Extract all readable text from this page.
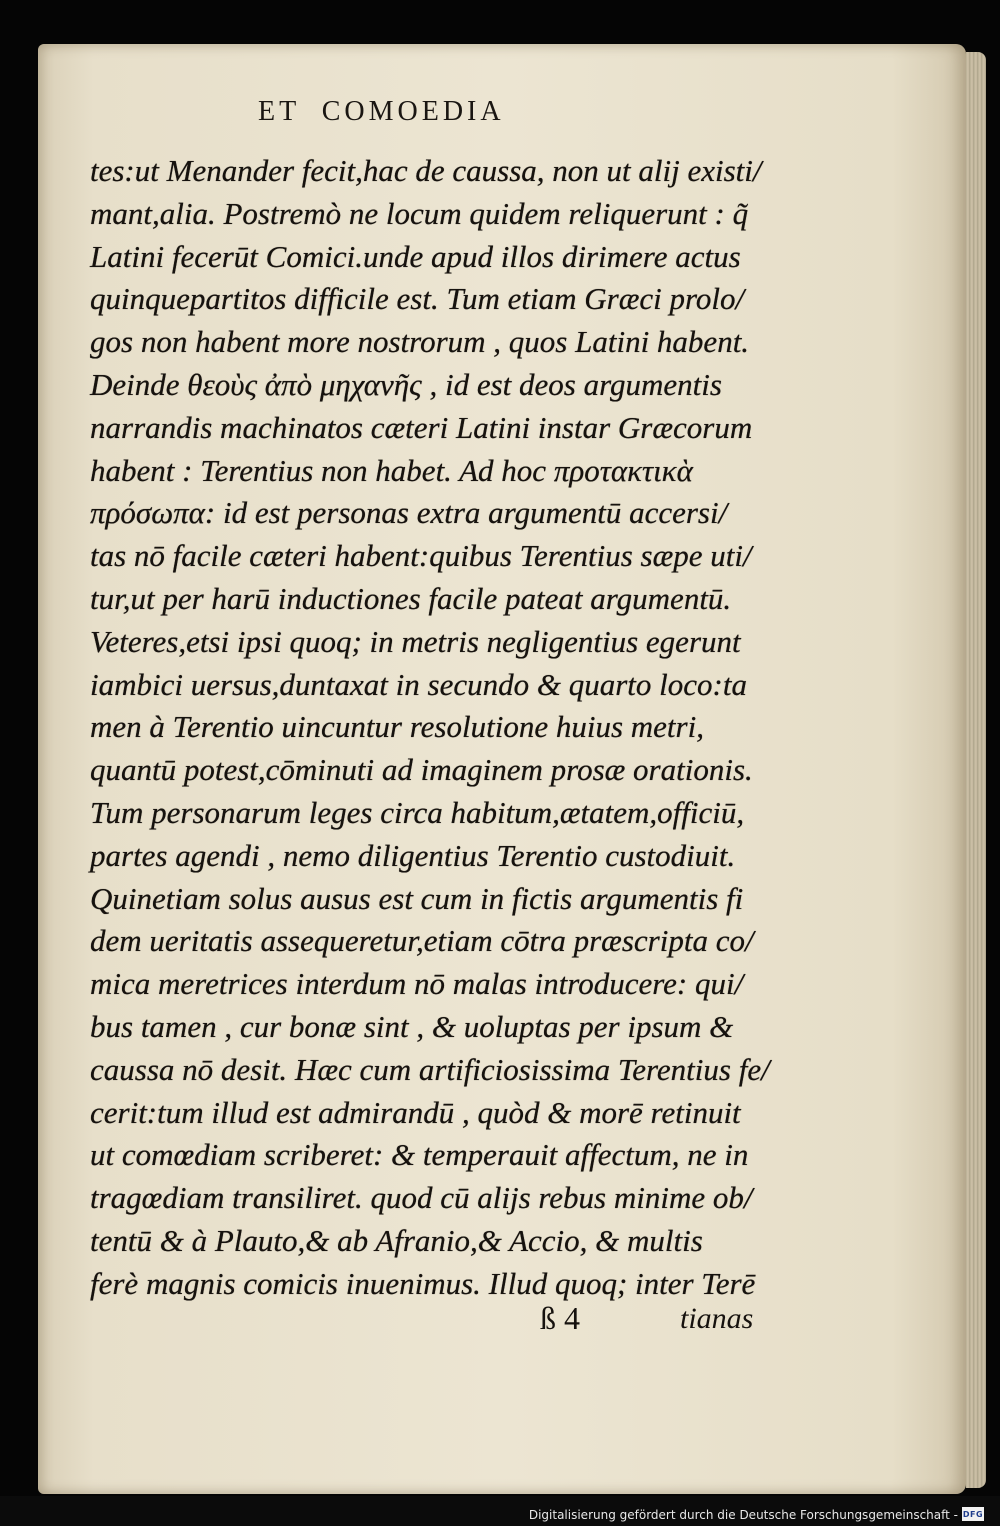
ET  COMOEDIA
tes:ut Menander fecit,hac de caussa, non ut alij existi/
mant,alia. Postremò ne locum quidem reliquerunt : q̃
Latini fecerūt Comici.unde apud illos dirimere actus
quinquepartitos difficile est. Tum etiam Græci prolo/
gos non habent more nostrorum , quos Latini habent.
Deinde θεοὺς ἀπὸ μηχανῆς , id est deos argumentis
narrandis machinatos cæteri Latini instar Græcorum
habent : Terentius non habet. Ad hoc προτακτικὰ
πρόσωπα: id est personas extra argumentū accersi/
tas nō facile cæteri habent:quibus Terentius sæpe uti/
tur,ut per harū inductiones facile pateat argumentū.
Veteres,etsi ipsi quoq; in metris negligentius egerunt
iambici uersus,duntaxat in secundo & quarto loco:ta
men à Terentio uincuntur resolutione huius metri,
quantū potest,cōminuti ad imaginem prosæ orationis.
Tum personarum leges circa habitum,ætatem,officiū,
partes agendi , nemo diligentius Terentio custodiuit.
Quinetiam solus ausus est cum in fictis argumentis fi
dem ueritatis assequeretur,etiam cōtra præscripta co/
mica meretrices interdum nō malas introducere: qui/
bus tamen , cur bonæ sint , & uoluptas per ipsum &
caussa nō desit. Hæc cum artificiosissima Terentius fe/
cerit:tum illud est admirandū , quòd & morē retinuit
ut comœdiam scriberet: & temperauit affectum, ne in
tragœdiam transiliret. quod cū alijs rebus minime ob/
tentū & à Plauto,& ab Afranio,& Accio, & multis
ferè magnis comicis inuenimus. Illud quoq; inter Terē
ß 4	tianas
Digitalisierung gefördert durch die Deutsche Forschungsgemeinschaft - DFG
